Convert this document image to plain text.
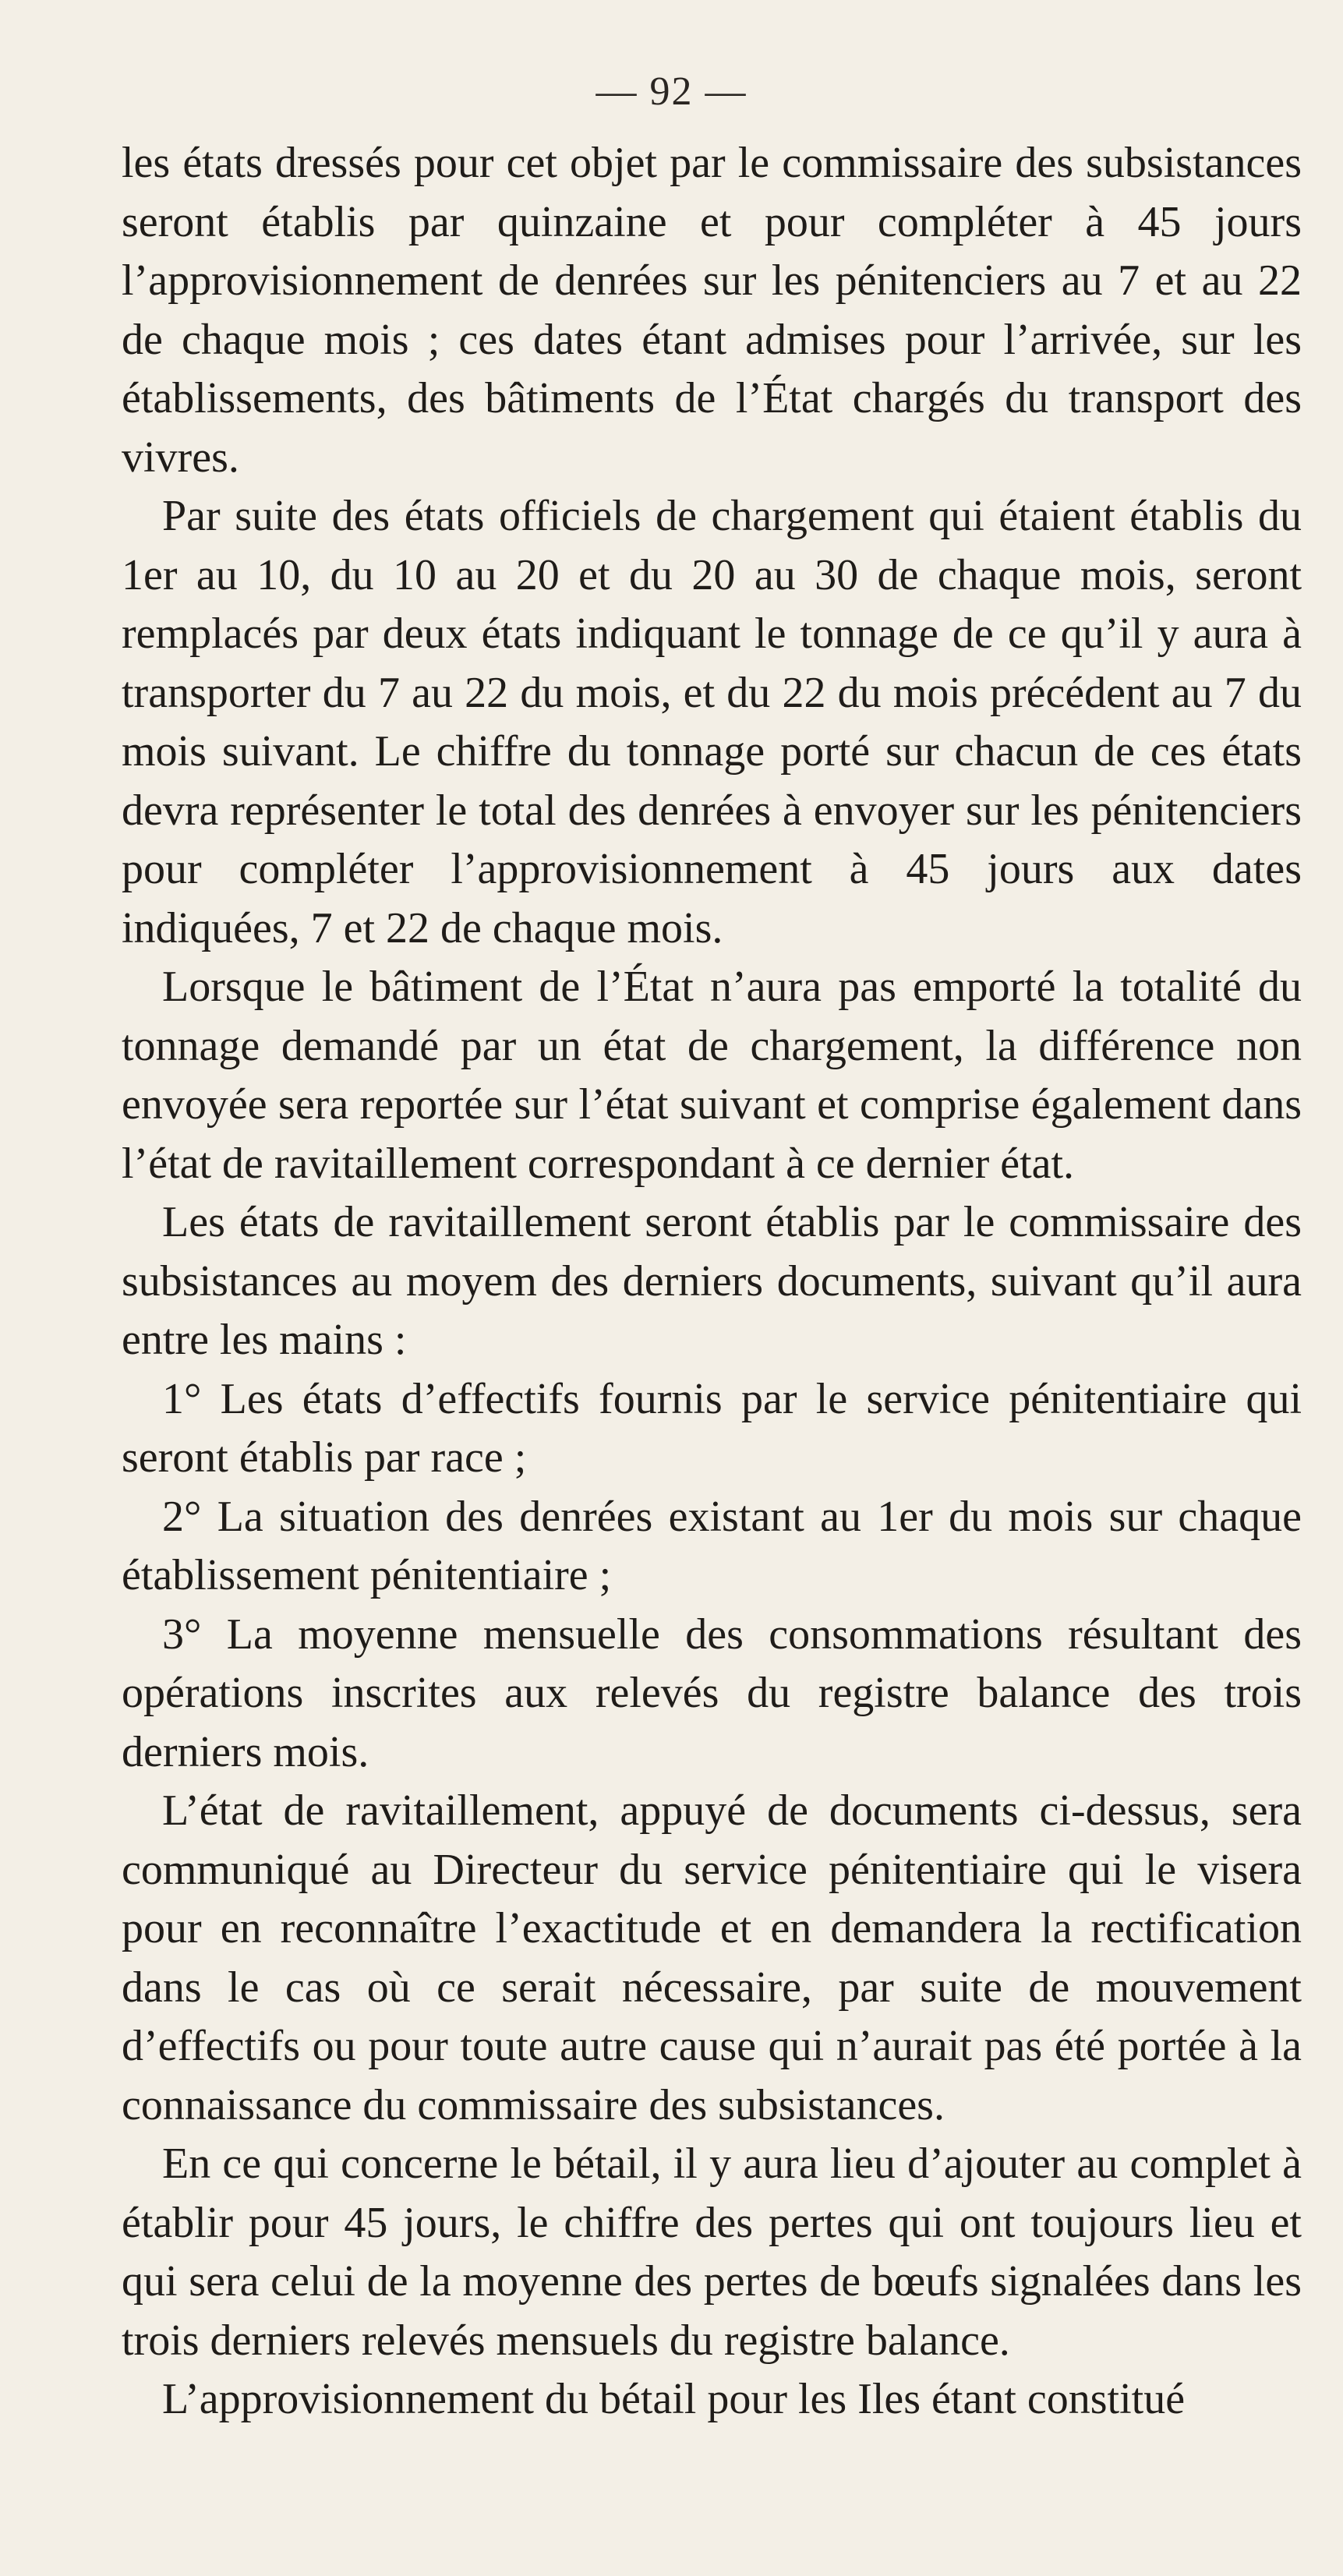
— 92 —

les états dressés pour cet objet par le commissaire des subsistances seront établis par quinzaine et pour compléter à 45 jours l’approvisionnement de denrées sur les pénitenciers au 7 et au 22 de chaque mois ; ces dates étant admises pour l’arrivée, sur les établissements, des bâtiments de l’État chargés du transport des vivres.

Par suite des états officiels de chargement qui étaient établis du 1er au 10, du 10 au 20 et du 20 au 30 de chaque mois, seront remplacés par deux états indiquant le tonnage de ce qu’il y aura à transporter du 7 au 22 du mois, et du 22 du mois précédent au 7 du mois suivant. Le chiffre du tonnage porté sur chacun de ces états devra représenter le total des denrées à envoyer sur les pénitenciers pour compléter l’approvisionnement à 45 jours aux dates indiquées, 7 et 22 de chaque mois.

Lorsque le bâtiment de l’État n’aura pas emporté la totalité du tonnage demandé par un état de chargement, la différence non envoyée sera reportée sur l’état suivant et comprise également dans l’état de ravitaillement correspondant à ce dernier état.

Les états de ravitaillement seront établis par le commissaire des subsistances au moyem des derniers documents, suivant qu’il aura entre les mains :

1° Les états d’effectifs fournis par le service pénitentiaire qui seront établis par race ;

2° La situation des denrées existant au 1er du mois sur chaque établissement pénitentiaire ;

3° La moyenne mensuelle des consommations résultant des opérations inscrites aux relevés du registre balance des trois derniers mois.

L’état de ravitaillement, appuyé de documents ci-dessus, sera communiqué au Directeur du service pénitentiaire qui le visera pour en reconnaître l’exactitude et en demandera la rectification dans le cas où ce serait nécessaire, par suite de mouvement d’effectifs ou pour toute autre cause qui n’aurait pas été portée à la connaissance du commissaire des subsistances.

En ce qui concerne le bétail, il y aura lieu d’ajouter au complet à établir pour 45 jours, le chiffre des pertes qui ont toujours lieu et qui sera celui de la moyenne des pertes de bœufs signalées dans les trois derniers relevés mensuels du registre balance.

L’approvisionnement du bétail pour les Iles étant constitué
